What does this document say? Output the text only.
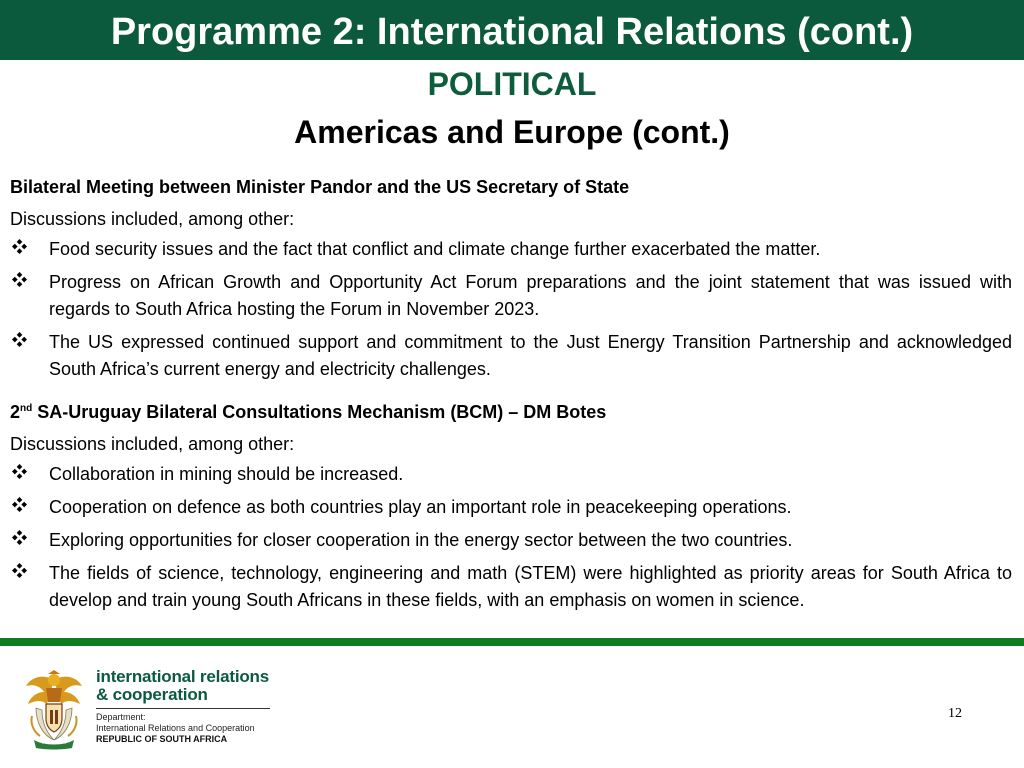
Programme 2: International Relations (cont.)
POLITICAL
Americas and Europe (cont.)

Bilateral Meeting between Minister Pandor and the US Secretary of State

Discussions included, among other:

Food security issues and the fact that conflict and climate change further exacerbated the matter.
Progress on African Growth and Opportunity Act Forum preparations and the joint statement that was issued with regards to South Africa hosting the Forum in November 2023.
The US expressed continued support and commitment to the Just Energy Transition Partnership and acknowledged South Africa’s current energy and electricity challenges.

2nd SA-Uruguay Bilateral Consultations Mechanism (BCM) – DM Botes

Discussions included, among other:

Collaboration in mining should be increased.
Cooperation on defence as both countries play an important role in peacekeeping operations.
Exploring opportunities for closer cooperation in the energy sector between the two countries.
The fields of science, technology, engineering and math (STEM) were highlighted as priority areas for South Africa to develop and train young South Africans in these fields, with an emphasis on women in science.
international relations
& cooperation
Department:
International Relations and Cooperation
REPUBLIC OF SOUTH AFRICA
12
